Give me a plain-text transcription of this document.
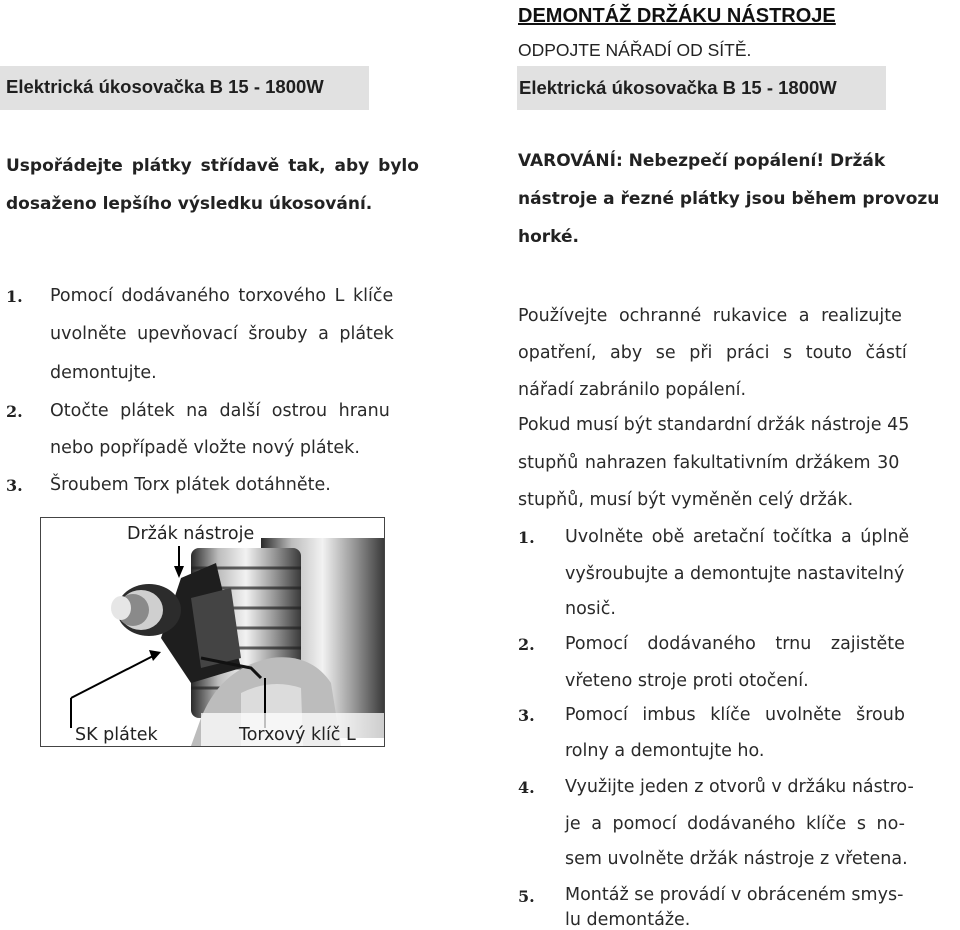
Elektrická úkosovačka B 15 - 1800W
Uspořádejte plátky střídavě tak, aby bylo
dosaženo lepšího výsledku úkosování.
1. Pomocí dodávaného torxového L klíče
uvolněte upevňovací šrouby a plátek
demontujte.
2. Otočte plátek na další ostrou hranu
nebo popřípadě vložte nový plátek.
3. Šroubem Torx plátek dotáhněte.
Držák nástroje
SK plátek	Torxový klíč L
DEMONTÁŽ DRŽÁKU NÁSTROJE
ODPOJTE NÁŘADÍ OD SÍTĚ.
Elektrická úkosovačka B 15 - 1800W
VAROVÁNÍ: Nebezpečí popálení! Držák
nástroje a řezné plátky jsou během provozu
horké.
Používejte ochranné rukavice a realizujte
opatření, aby se při práci s touto částí
nářadí zabránilo popálení.
Pokud musí být standardní držák nástroje 45
stupňů nahrazen fakultativním držákem 30
stupňů, musí být vyměněn celý držák.
1. Uvolněte obě aretační točítka a úplně
vyšroubujte a demontujte nastavitelný
nosič.
2. Pomocí dodávaného trnu zajistěte
vřeteno stroje proti otočení.
3. Pomocí imbus klíče uvolněte šroub
rolny a demontujte ho.
4. Využijte jeden z otvorů v držáku nástro-
je a pomocí dodávaného klíče s no-
sem uvolněte držák nástroje z vřetena.
5. Montáž se provádí v obráceném smys-
lu demontáže.
